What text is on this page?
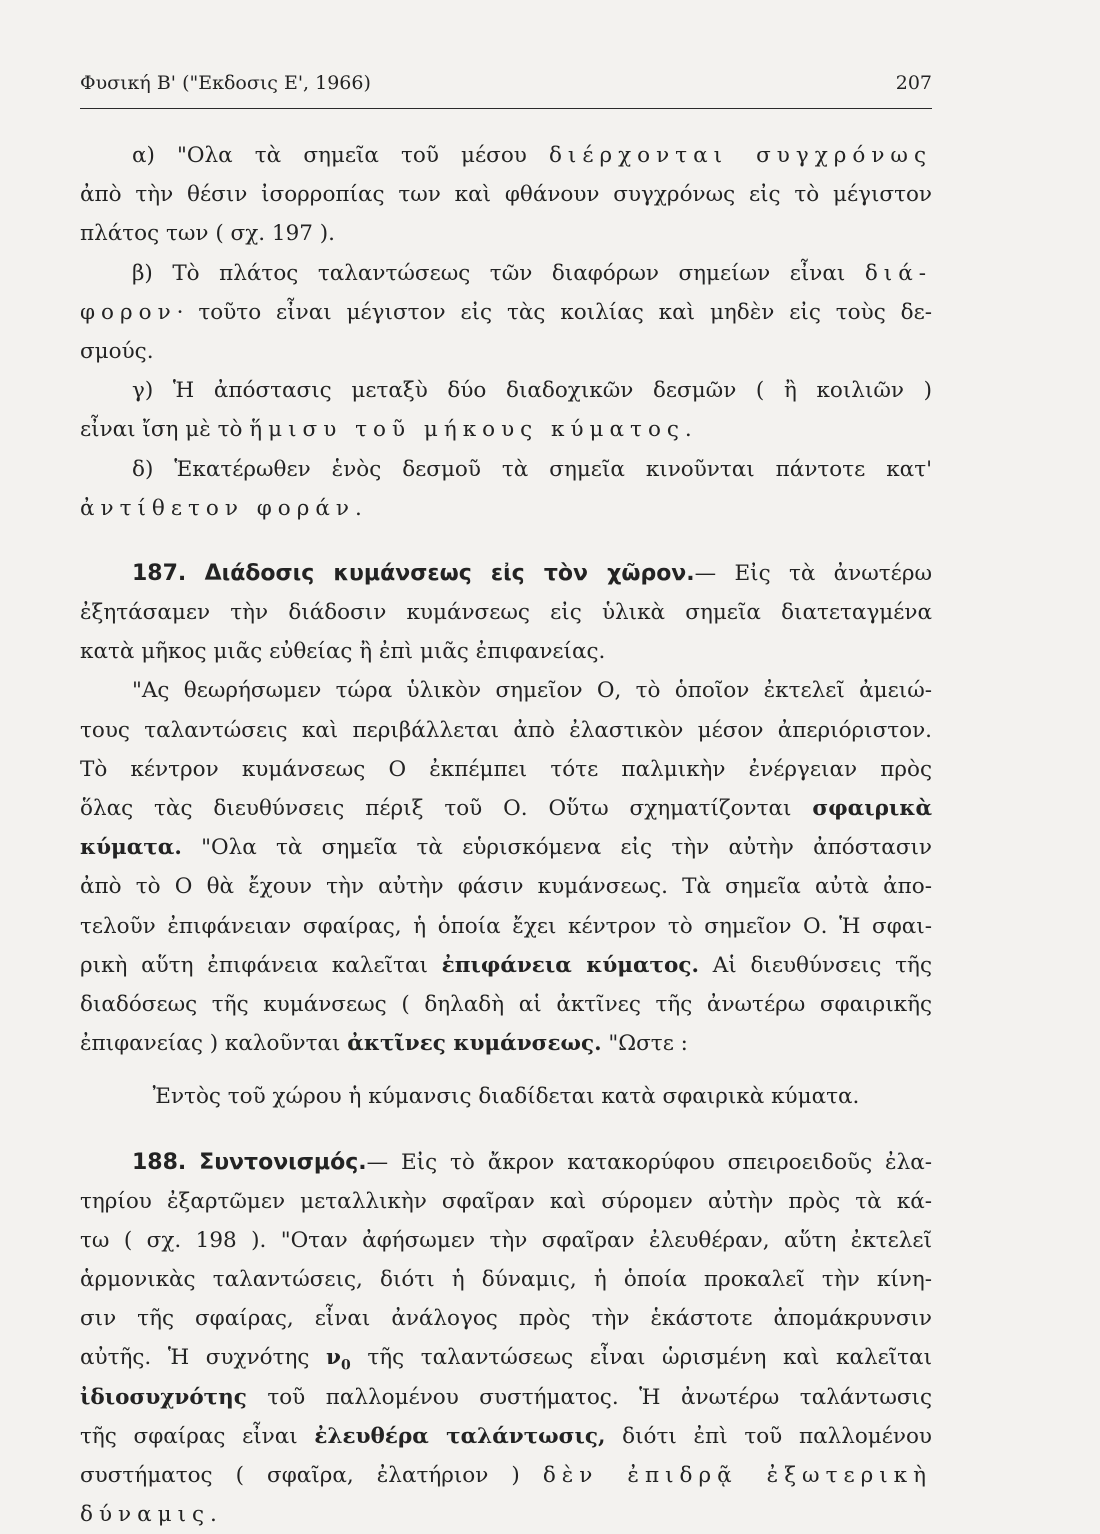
Φυσική Β' ("Εκδοσις Ε', 1966)	207
α) "Ολα τὰ σημεῖα τοῦ μέσου διέρχονται συγχρόνως
ἀπὸ τὴν θέσιν ἰσορροπίας των καὶ φθάνουν συγχρόνως εἰς τὸ μέγιστον
πλάτος των ( σχ. 197 ).
β) Τὸ πλάτος ταλαντώσεως τῶν διαφόρων σημείων εἶναι διά-
φορον· τοῦτο εἶναι μέγιστον εἰς τὰς κοιλίας καὶ μηδὲν εἰς τοὺς δε-
σμούς.
γ) Ἡ ἀπόστασις μεταξὺ δύο διαδοχικῶν δεσμῶν ( ἢ κοιλιῶν )
εἶναι ἴση μὲ τὸ ἥμισυ τοῦ μήκους κύματος.
δ) Ἑκατέρωθεν ἑνὸς δεσμοῦ τὰ σημεῖα κινοῦνται πάντοτε κατ'
ἀντίθετον φοράν.
187. Διάδοσις κυμάνσεως εἰς τὸν χῶρον.— Εἰς τὰ ἀνωτέρω
ἐξητάσαμεν τὴν διάδοσιν κυμάνσεως εἰς ὑλικὰ σημεῖα διατεταγμένα
κατὰ μῆκος μιᾶς εὐθείας ἢ ἐπὶ μιᾶς ἐπιφανείας.
"Ας θεωρήσωμεν τώρα ὑλικὸν σημεῖον Ο, τὸ ὁποῖον ἐκτελεῖ ἀμειώ-
τους ταλαντώσεις καὶ περιβάλλεται ἀπὸ ἐλαστικὸν μέσον ἀπεριόριστον.
Τὸ κέντρον κυμάνσεως Ο ἐκπέμπει τότε παλμικὴν ἐνέργειαν πρὸς
ὅλας τὰς διευθύνσεις πέριξ τοῦ Ο. Οὕτω σχηματίζονται σφαιρικὰ
κύματα. "Ολα τὰ σημεῖα τὰ εὑρισκόμενα εἰς τὴν αὐτὴν ἀπόστασιν
ἀπὸ τὸ Ο θὰ ἔχουν τὴν αὐτὴν φάσιν κυμάνσεως. Τὰ σημεῖα αὐτὰ ἀπο-
τελοῦν ἐπιφάνειαν σφαίρας, ἡ ὁποία ἔχει κέντρον τὸ σημεῖον Ο. Ἡ σφαι-
ρικὴ αὕτη ἐπιφάνεια καλεῖται ἐπιφάνεια κύματος. Αἱ διευθύνσεις τῆς
διαδόσεως τῆς κυμάνσεως ( δηλαδὴ αἱ ἀκτῖνες τῆς ἀνωτέρω σφαιρικῆς
ἐπιφανείας ) καλοῦνται ἀκτῖνες κυμάνσεως. "Ωστε :
Ἐντὸς τοῦ χώρου ἡ κύμανσις διαδίδεται κατὰ σφαιρικὰ κύματα.
188. Συντονισμός.— Εἰς τὸ ἄκρον κατακορύφου σπειροειδοῦς ἐλα-
τηρίου ἐξαρτῶμεν μεταλλικὴν σφαῖραν καὶ σύρομεν αὐτὴν πρὸς τὰ κά-
τω ( σχ. 198 ). "Οταν ἀφήσωμεν τὴν σφαῖραν ἐλευθέραν, αὕτη ἐκτελεῖ
ἁρμονικὰς ταλαντώσεις, διότι ἡ δύναμις, ἡ ὁποία προκαλεῖ τὴν κίνη-
σιν τῆς σφαίρας, εἶναι ἀνάλογος πρὸς τὴν ἑκάστοτε ἀπομάκρυνσιν
αὐτῆς. Ἡ συχνότης $\nu_0$ τῆς ταλαντώσεως εἶναι ὡρισμένη καὶ καλεῖται
ἰδιοσυχνότης τοῦ παλλομένου συστήματος. Ἡ ἀνωτέρω ταλάντωσις
τῆς σφαίρας εἶναι ἐλευθέρα ταλάντωσις, διότι ἐπὶ τοῦ παλλομένου
συστήματος ( σφαῖρα, ἐλατήριον ) δὲν ἐπιδρᾷ ἐξωτερικὴ
δύναμις.
